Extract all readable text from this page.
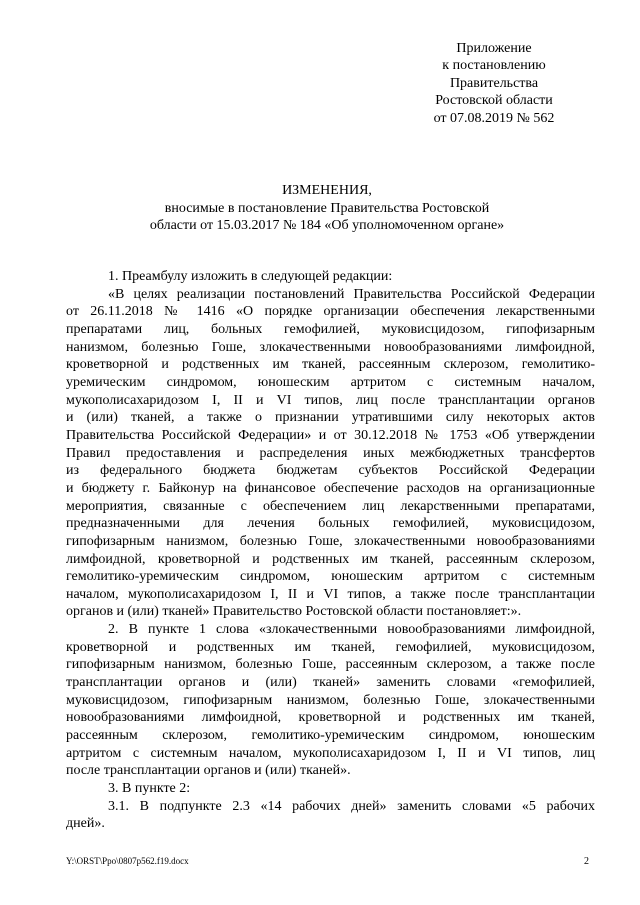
Приложение
к постановлению
Правительства
Ростовской области
от 07.08.2019 № 562
ИЗМЕНЕНИЯ,
вносимые в постановление Правительства Ростовской
области от 15.03.2017 № 184 «Об уполномоченном органе»

1. Преамбулу изложить в следующей редакции:

«В целях реализации постановлений Правительства Российской Федерации
от 26.11.2018 № 1416 «О порядке организации обеспечения лекарственными
препаратами лиц, больных гемофилией, муковисцидозом, гипофизарным
нанизмом, болезнью Гоше, злокачественными новообразованиями лимфоидной,
кроветворной и родственных им тканей, рассеянным склерозом, гемолитико-
уремическим синдромом, юношеским артритом с системным началом,
мукополисахаридозом I, II и VI типов, лиц после трансплантации органов
и (или) тканей, а также о признании утратившими силу некоторых актов
Правительства Российской Федерации» и от 30.12.2018 № 1753 «Об утверждении
Правил предоставления и распределения иных межбюджетных трансфертов
из федерального бюджета бюджетам субъектов Российской Федерации
и бюджету г. Байконур на финансовое обеспечение расходов на организационные
мероприятия, связанные с обеспечением лиц лекарственными препаратами,
предназначенными для лечения больных гемофилией, муковисцидозом,
гипофизарным нанизмом, болезнью Гоше, злокачественными новообразованиями
лимфоидной, кроветворной и родственных им тканей, рассеянным склерозом,
гемолитико-уремическим синдромом, юношеским артритом с системным
началом, мукополисахаридозом I, II и VI типов, а также после трансплантации
органов и (или) тканей» Правительство Ростовской области постановляет:».

2. В пункте 1 слова «злокачественными новообразованиями лимфоидной,
кроветворной и родственных им тканей, гемофилией, муковисцидозом,
гипофизарным нанизмом, болезнью Гоше, рассеянным склерозом, а также после
трансплантации органов и (или) тканей» заменить словами «гемофилией,
муковисцидозом, гипофизарным нанизмом, болезнью Гоше, злокачественными
новообразованиями лимфоидной, кроветворной и родственных им тканей,
рассеянным склерозом, гемолитико-уремическим синдромом, юношеским
артритом с системным началом, мукополисахаридозом I, II и VI типов, лиц
после трансплантации органов и (или) тканей».

3. В пункте 2:

3.1. В подпункте 2.3 «14 рабочих дней» заменить словами «5 рабочих
дней».

Y:\ORST\Ppo\0807p562.f19.docx	2
